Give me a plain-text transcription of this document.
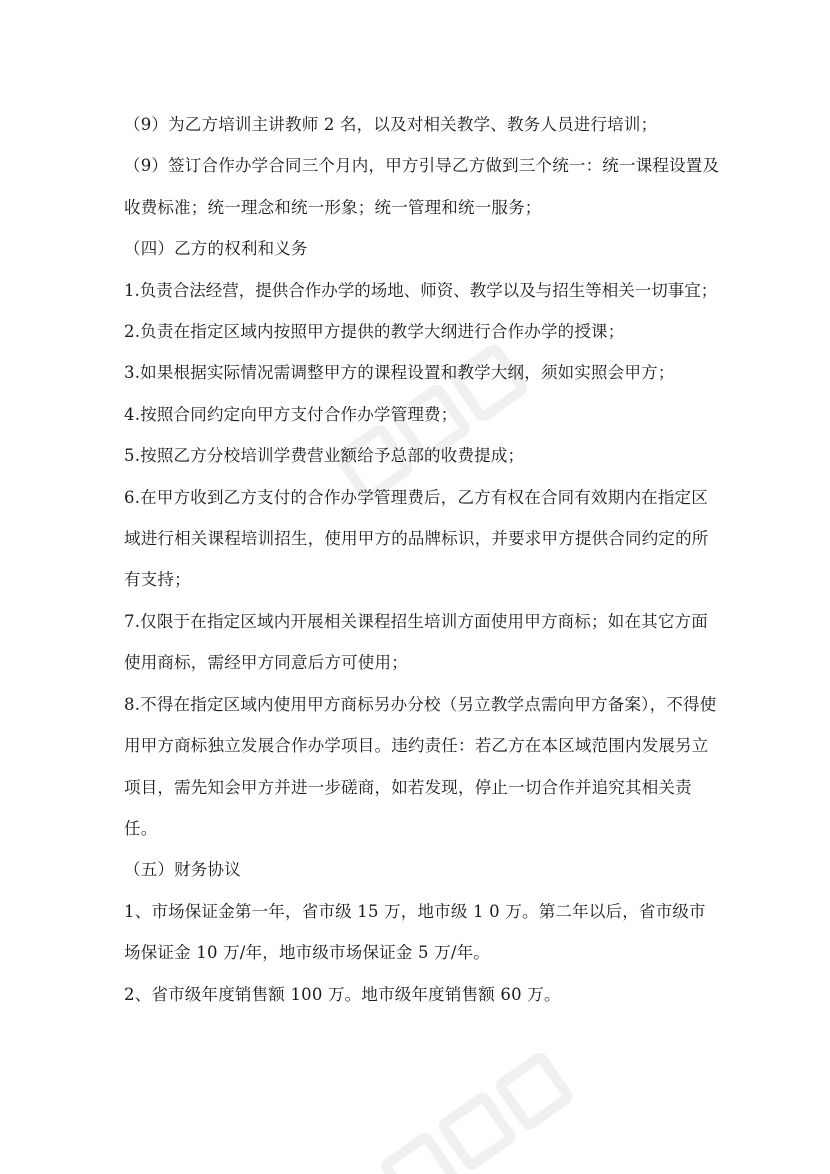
（9）为乙方培训主讲教师 2 名，以及对相关教学、教务人员进行培训；

（9）签订合作办学合同三个月内，甲方引导乙方做到三个统一：统一课程设置及收费标准；统一理念和统一形象；统一管理和统一服务；

（四）乙方的权利和义务

1.负责合法经营，提供合作办学的场地、师资、教学以及与招生等相关一切事宜；

2.负责在指定区域内按照甲方提供的教学大纲进行合作办学的授课；

3.如果根据实际情况需调整甲方的课程设置和教学大纲，须如实照会甲方；

4.按照合同约定向甲方支付合作办学管理费；

5.按照乙方分校培训学费营业额给予总部的收费提成；

6.在甲方收到乙方支付的合作办学管理费后，乙方有权在合同有效期内在指定区域进行相关课程培训招生，使用甲方的品牌标识，并要求甲方提供合同约定的所有支持；

7.仅限于在指定区域内开展相关课程招生培训方面使用甲方商标；如在其它方面使用商标，需经甲方同意后方可使用；

8.不得在指定区域内使用甲方商标另办分校（另立教学点需向甲方备案），不得使用甲方商标独立发展合作办学项目。违约责任：若乙方在本区域范围内发展另立项目，需先知会甲方并进一步磋商，如若发现，停止一切合作并追究其相关责任。

（五）财务协议

1、市场保证金第一年，省市级 15 万，地市级 1 0 万。第二年以后，省市级市场保证金 10 万/年，地市级市场保证金 5 万/年。

2、省市级年度销售额 100 万。地市级年度销售额 60 万。
